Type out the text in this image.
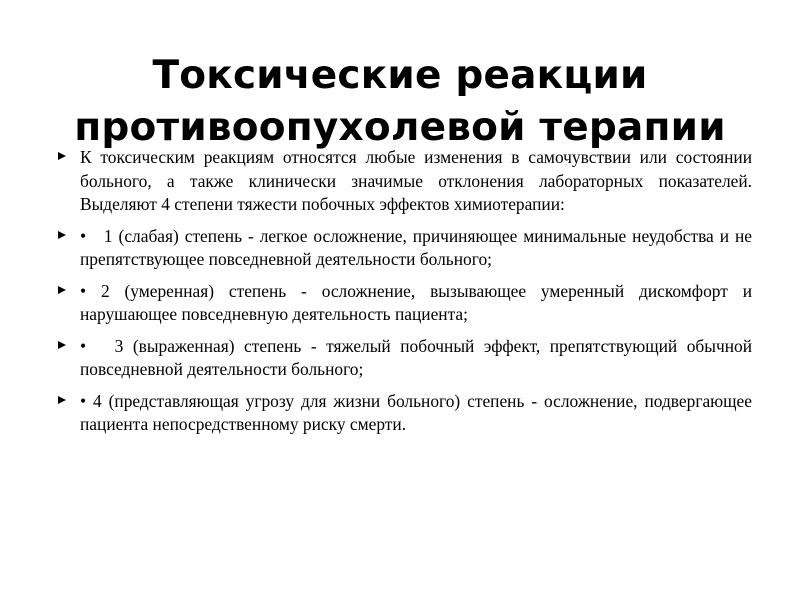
Токсические реакции
противоопухолевой терапии
К токсическим реакциям относятся любые изменения в самочувствии или состоянии больного, а также клинически значимые отклонения лабораторных показателей. Выделяют 4 степени тяжести побочных эффектов химиотерапии:
•   1 (слабая) степень - легкое осложнение, причиняющее минимальные неудобства и не препятствующее повседневной деятельности больного;
• 2 (умеренная) степень - осложнение, вызывающее умеренный дискомфорт и нарушающее повседневную деятельность пациента;
•   3 (выраженная) степень - тяжелый побочный эффект, препятствующий обычной повседневной деятельности больного;
• 4 (представляющая угрозу для жизни больного) степень - осложнение, подвергающее пациента непосредственному риску смерти.
